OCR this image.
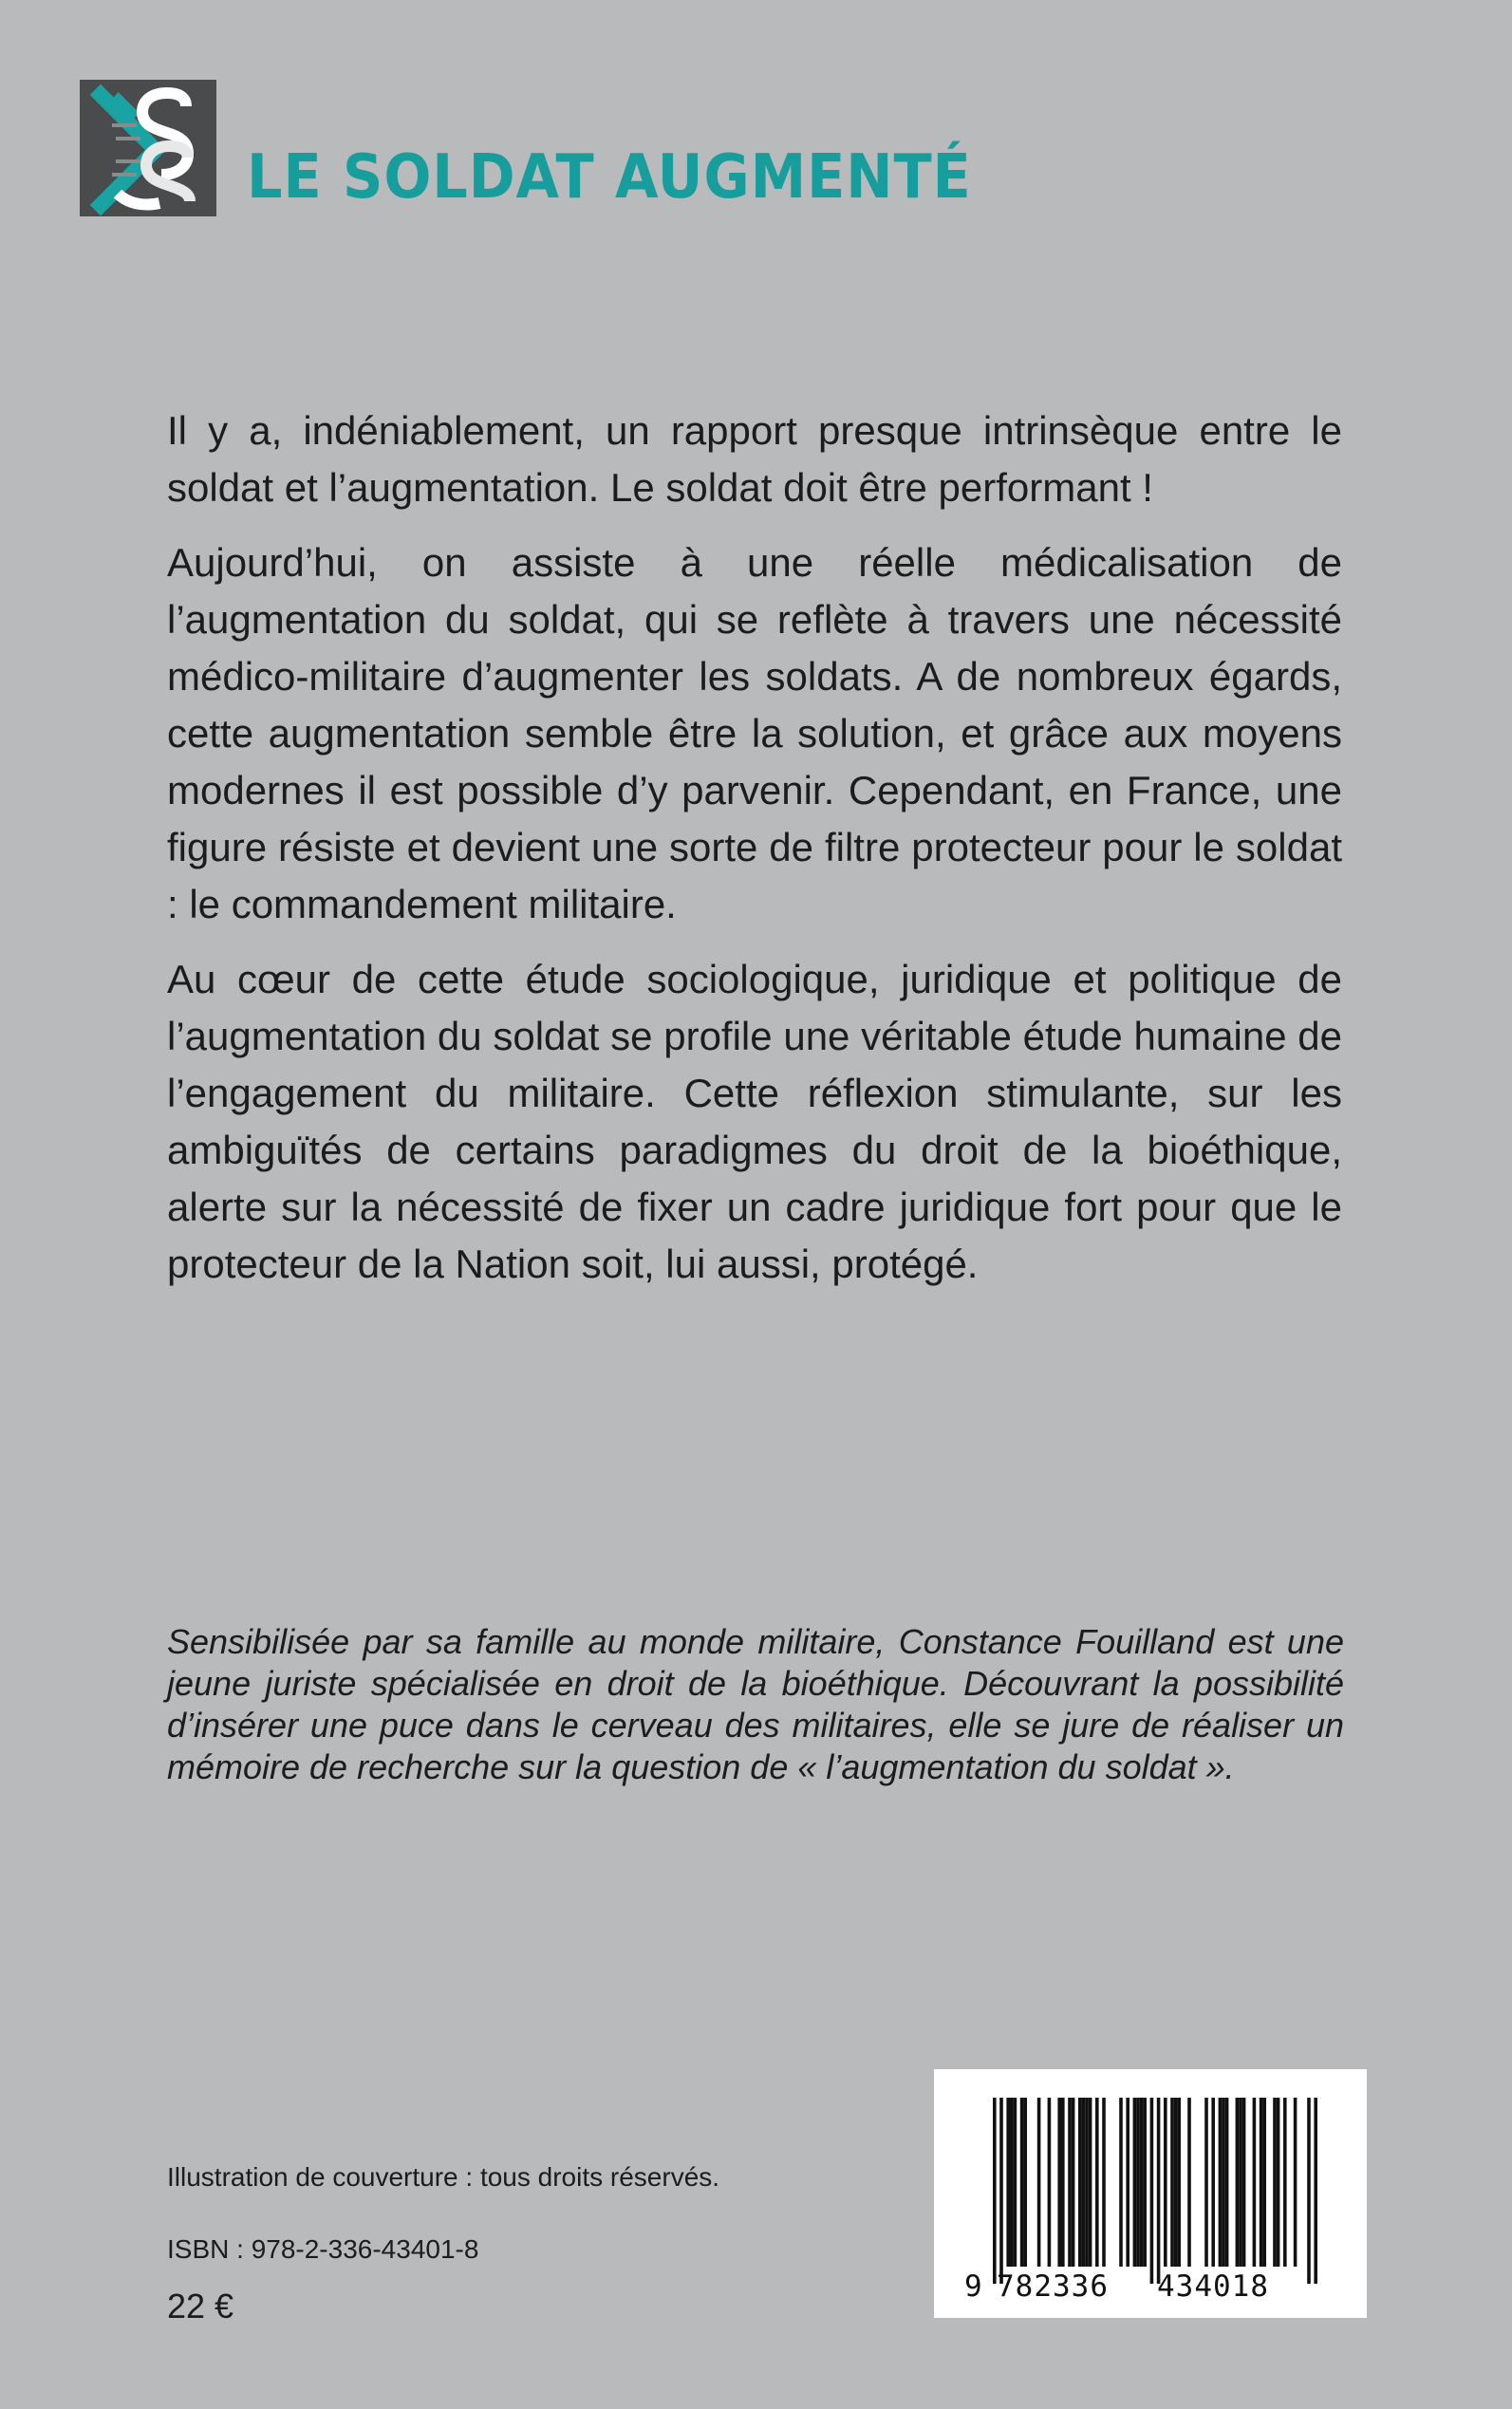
LE SOLDAT AUGMENTÉ

Il y a, indéniablement, un rapport presque intrinsèque entre le soldat et l’augmentation. Le soldat doit être performant !

Aujourd’hui, on assiste à une réelle médicalisation de l’augmentation du soldat, qui se reflète à travers une nécessité médico-militaire d’augmenter les soldats. A de nombreux égards, cette augmentation semble être la solution, et grâce aux moyens modernes il est possible d’y parvenir. Cependant, en France, une figure résiste et devient une sorte de filtre protecteur pour le soldat : le commandement militaire.

Au cœur de cette étude sociologique, juridique et politique de l’augmentation du soldat se profile une véritable étude humaine de l’engagement du militaire. Cette réflexion stimulante, sur les ambiguïtés de certains paradigmes du droit de la bioéthique, alerte sur la nécessité de fixer un cadre juridique fort pour que le protecteur de la Nation soit, lui aussi, protégé.

Sensibilisée par sa famille au monde militaire, Constance Fouilland est une jeune juriste spécialisée en droit de la bioéthique. Découvrant la possibilité d’insérer une puce dans le cerveau des militaires, elle se jure de réaliser un mémoire de recherche sur la question de « l’augmentation du soldat ».

Illustration de couverture : tous droits réservés.
ISBN : 978-2-336-43401-8
22 €	9 782336 434018
